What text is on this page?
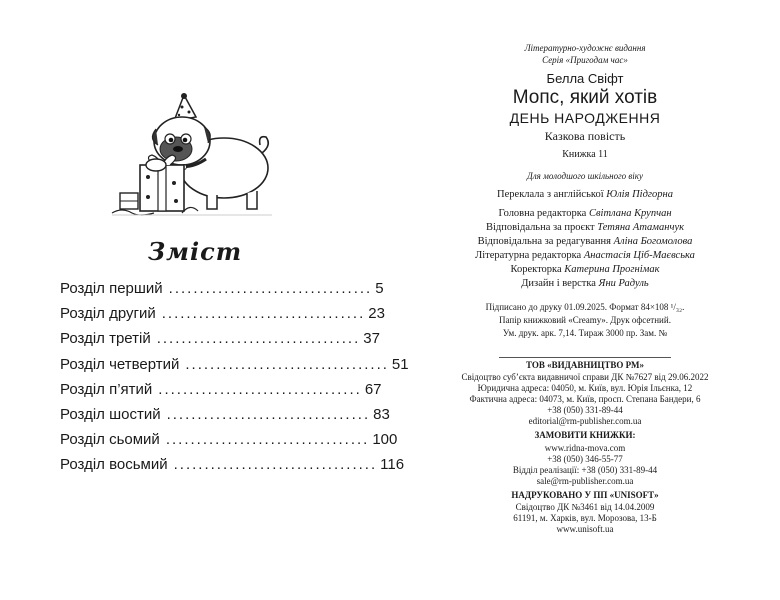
Зміст
Розділ перший ................................. 5
Розділ другий ................................. 23
Розділ третій ................................. 37
Розділ четвертий ................................. 51
Розділ п’ятий ................................. 67
Розділ шостий ................................. 83
Розділ сьомий ................................. 100
Розділ восьмий ................................. 116
Літературно-художнє видання
Серія «Пригодам час»
Белла Свіфт
Мопс, який хотів
ДЕНЬ НАРОДЖЕННЯ
Казкова повість
Книжка 11
Для молодшого шкільного віку
Переклала з англійської Юлія Підгорна
Головна редакторка Світлана Крупчан
Відповідальна за проєкт Тетяна Атаманчук
Відповідальна за редагування Аліна Богомолова
Літературна редакторка Анастасія Ціб-Маєвська
Коректорка Катерина Прогнімак
Дизайн і верстка Яни Радуль
Підписано до друку 01.09.2025. Формат 84×108 ¹/₃₂.
Папір книжковий «Creamy». Друк офсетний.
Ум. друк. арк. 7,14. Тираж 3000 пр. Зам. №
ТОВ «ВИДАВНИЦТВО РМ»
Свідоцтво суб’єкта видавничої справи ДК №7627 від 29.06.2022
Юридична адреса: 04050, м. Київ, вул. Юрія Ільєнка, 12
Фактична адреса: 04073, м. Київ, просп. Степана Бандери, 6
+38 (050) 331-89-44
editorial@rm-publisher.com.ua
ЗАМОВИТИ КНИЖКИ:
www.ridna-mova.com
+38 (050) 346-55-77
Відділ реалізації: +38 (050) 331-89-44
sale@rm-publisher.com.ua
НАДРУКОВАНО У ПП «UNISOFT»
Свідоцтво ДК №3461 від 14.04.2009
61191, м. Харків, вул. Морозова, 13-Б
www.unisoft.ua
